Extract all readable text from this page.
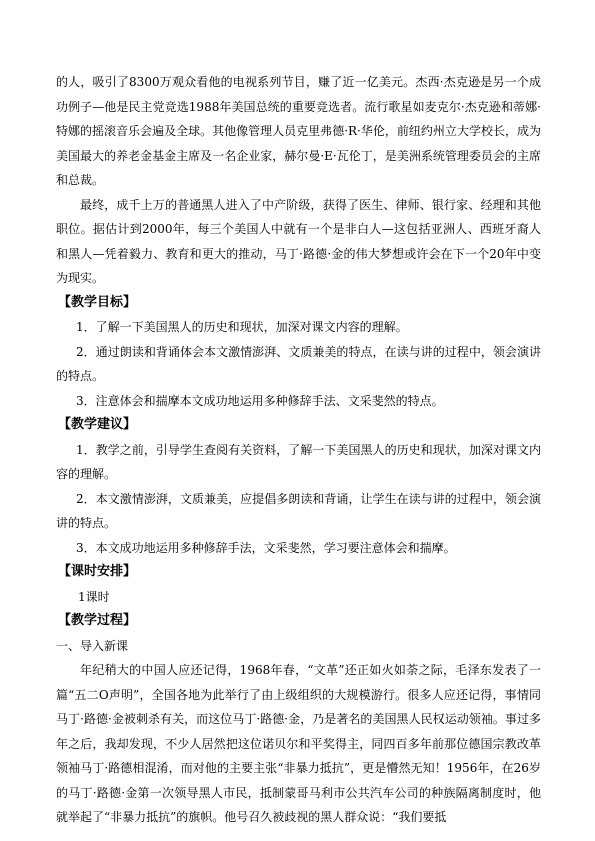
的人，吸引了8300万观众看他的电视系列节目，赚了近一亿美元。杰西·杰克逊是另一个成功例子—他是民主党竞选1988年美国总统的重要竞选者。流行歌星如麦克尔·杰克逊和蒂娜·特娜的摇滚音乐会遍及全球。其他像管理人员克里弗德·R·华伦，前纽约州立大学校长，成为美国最大的养老金基金主席及一名企业家，赫尔曼·E·瓦伦丁，是美洲系统管理委员会的主席和总裁。

最终，成千上万的普通黑人进入了中产阶级，获得了医生、律师、银行家、经理和其他职位。据估计到2000年，每三个美国人中就有一个是非白人—这包括亚洲人、西班牙裔人和黑人—凭着毅力、教育和更大的推动，马丁·路德·金的伟大梦想或许会在下一个20年中变为现实。

【教学目标】

1．了解一下美国黑人的历史和现状，加深对课文内容的理解。

2．通过朗读和背诵体会本文激情澎湃、文质兼美的特点，在读与讲的过程中，领会演讲的特点。

3．注意体会和揣摩本文成功地运用多种修辞手法、文采斐然的特点。

【教学建议】

1．教学之前，引导学生查阅有关资料，了解一下美国黑人的历史和现状，加深对课文内容的理解。

2．本文激情澎湃，文质兼美，应提倡多朗读和背诵，让学生在读与讲的过程中，领会演讲的特点。

3．本文成功地运用多种修辞手法，文采斐然，学习要注意体会和揣摩。

【课时安排】

1课时

【教学过程】

一、导入新课

年纪稍大的中国人应还记得，1968年春，“文革”还正如火如荼之际，毛泽东发表了一篇“五二O声明”，全国各地为此举行了由上级组织的大规模游行。很多人应还记得，事情同马丁·路德·金被刺杀有关，而这位马丁·路德·金，乃是著名的美国黑人民权运动领袖。事过多年之后，我却发现，不少人居然把这位诺贝尔和平奖得主，同四百多年前那位德国宗教改革领袖马丁·路德相混淆，而对他的主要主张“非暴力抵抗”，更是懵然无知！1956年，在26岁的马丁·路德·金第一次领导黑人市民，抵制蒙哥马利市公共汽车公司的种族隔离制度时，他就举起了“非暴力抵抗”的旗帜。他号召久被歧视的黑人群众说：“我们要抵
